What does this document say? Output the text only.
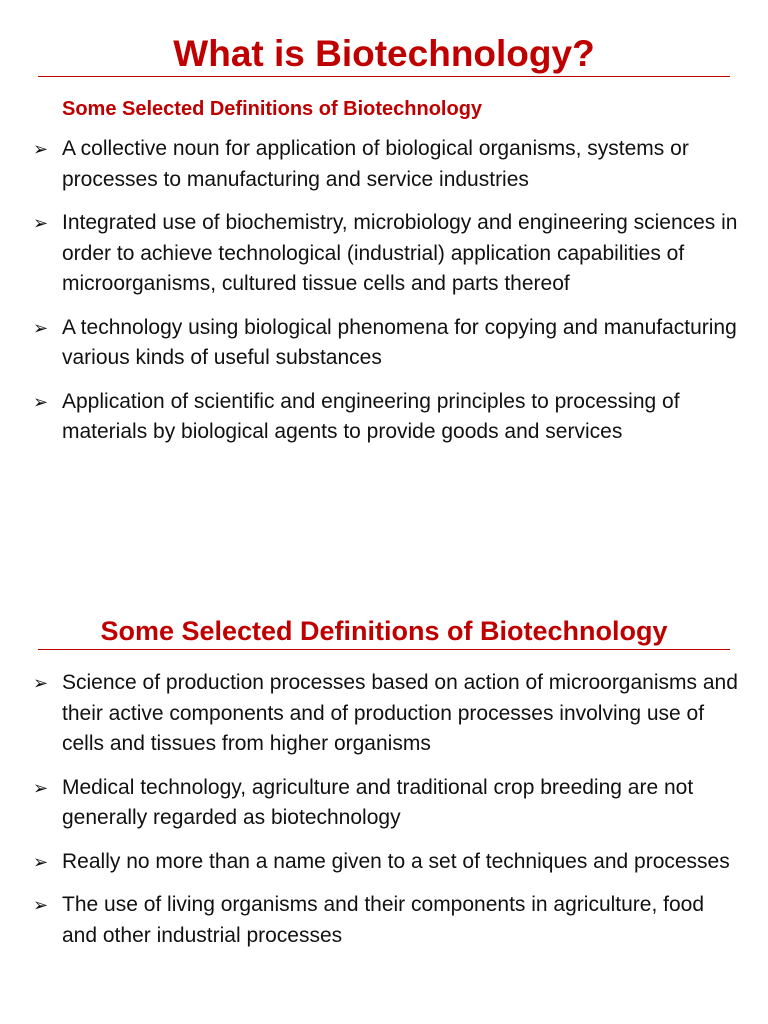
What is Biotechnology?
Some Selected Definitions of Biotechnology
➢ A collective noun for application of biological organisms, systems or processes to manufacturing and service industries
➢ Integrated use of biochemistry, microbiology and engineering sciences in order to achieve technological (industrial) application capabilities of microorganisms, cultured tissue cells and parts thereof
➢ A technology using biological phenomena for copying and manufacturing various kinds of useful substances
➢ Application of scientific and engineering principles to processing of materials by biological agents to provide goods and services
Some Selected Definitions of Biotechnology
➢ Science of production processes based on action of microorganisms and their active components and of production processes involving use of cells and tissues from higher organisms
➢ Medical technology, agriculture and traditional crop breeding are not generally regarded as biotechnology
➢ Really no more than a name given to a set of techniques and processes
➢ The use of living organisms and their components in agriculture, food and other industrial processes
